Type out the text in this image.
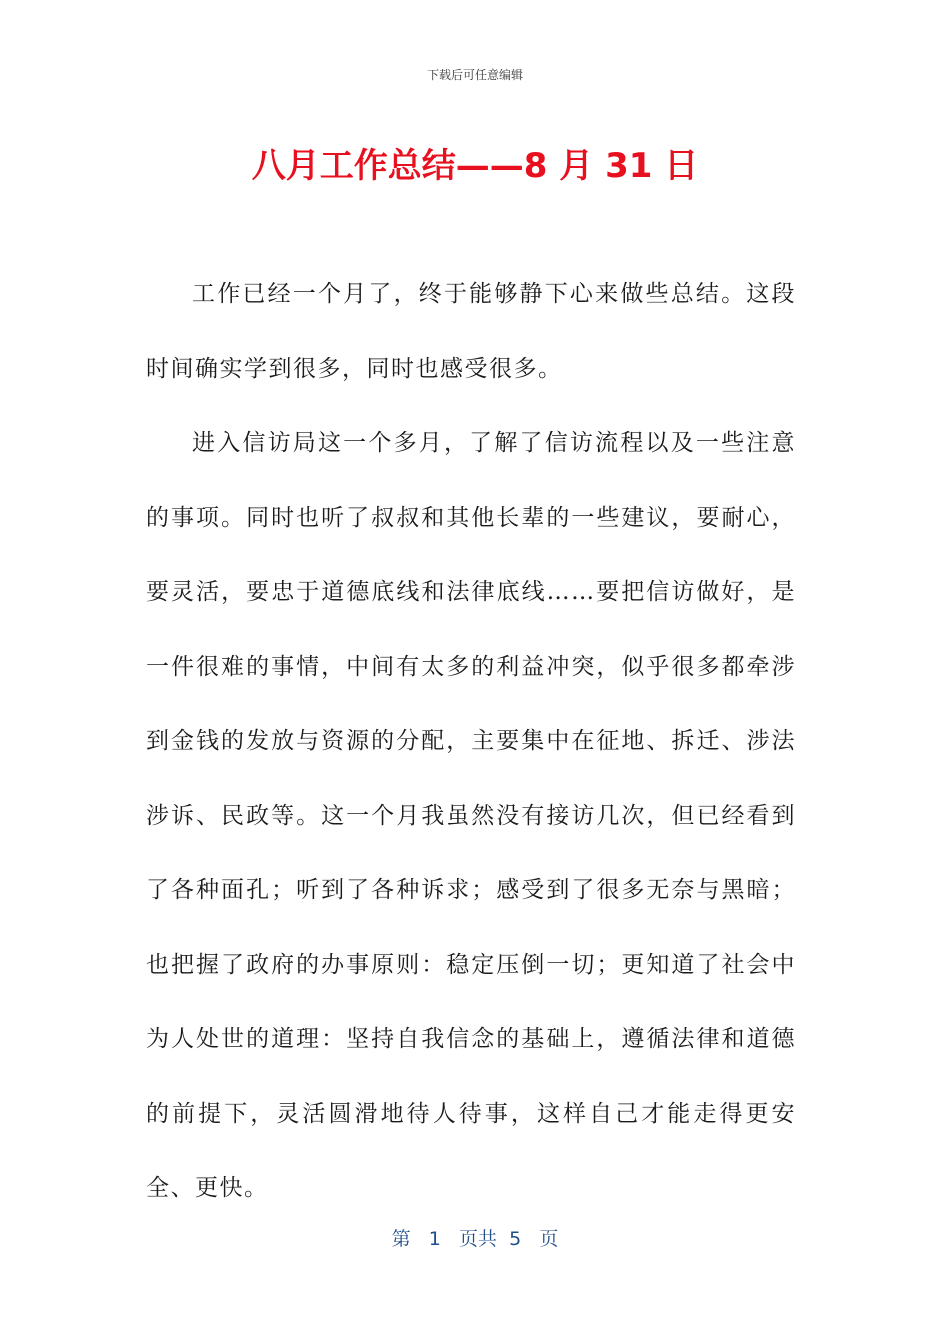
下载后可任意编辑
八月工作总结——8 月 31 日

工作已经一个月了，终于能够静下心来做些总结。这段时间确实学到很多，同时也感受很多。

进入信访局这一个多月，了解了信访流程以及一些注意的事项。同时也听了叔叔和其他长辈的一些建议，要耐心，要灵活，要忠于道德底线和法律底线……要把信访做好，是一件很难的事情，中间有太多的利益冲突，似乎很多都牵涉到金钱的发放与资源的分配，主要集中在征地、拆迁、涉法涉诉、民政等。这一个月我虽然没有接访几次，但已经看到了各种面孔；听到了各种诉求；感受到了很多无奈与黑暗；也把握了政府的办事原则：稳定压倒一切；更知道了社会中为人处世的道理：坚持自我信念的基础上，遵循法律和道德的前提下，灵活圆滑地待人待事，这样自己才能走得更安全、更快。

第 1 页共 5 页
